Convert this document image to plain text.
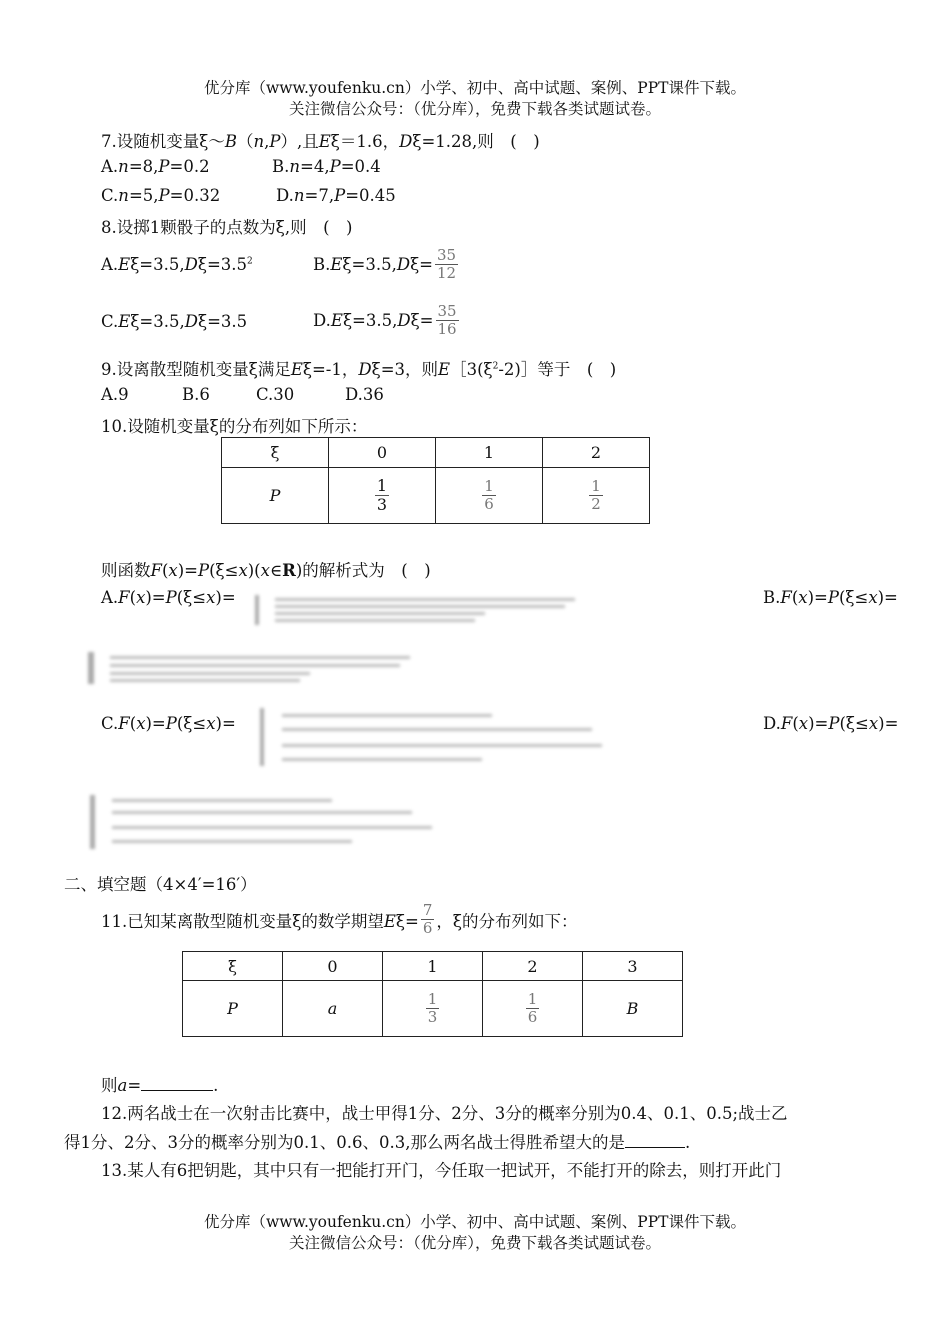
优分库（www.youfenku.cn）小学、初中、高中试题、案例、PPT课件下载。
关注微信公众号：（优分库），免费下载各类试题试卷。
7.设随机变量ξ～B（n,P）,且Eξ＝1.6，Dξ=1.28,则　(　)
A.n=8,P=0.2	B.n=4,P=0.4
C.n=5,P=0.32	D.n=7,P=0.45
8.设掷1颗骰子的点数为ξ,则　(　)
$A.E\xi=3.5,D\xi=3.5^2$	$B.E\xi=3.5,D\xi= \frac{35}{12}$
C.Eξ=3.5,Dξ=3.5	$D.E\xi=3.5,D\xi= \frac{35}{16}$
9.设离散型随机变量ξ满足Eξ=-1，Dξ=3，则$E[3(\xi^2-2)]$等于　(　)
A.9	B.6	C.30	D.36
10.设随机变量ξ的分布列如下所示：
ξ	0	1	2
P	$\frac{1}{3}$	$\frac{1}{6}$	$\frac{1}{2}$
则函数F(x)=P(ξ≤x)(x∈R)的解析式为　(　)
A.F(x)=P(ξ≤x)=	B.F(x)=P(ξ≤x)=
C.F(x)=P(ξ≤x)=	D.F(x)=P(ξ≤x)=
二、填空题（4×4′=16′）
11.已知某离散型随机变量ξ的数学期望$E\xi= \frac{7}{6}$ ，ξ的分布列如下：
ξ	0	1	2	3
P	a	$\frac{1}{3}$	$\frac{1}{6}$	B
则a=	.
12.两名战士在一次射击比赛中，战士甲得1分、2分、3分的概率分别为0.4、0.1、0.5;战士乙
得1分、2分、3分的概率分别为0.1、0.6、0.3,那么两名战士得胜希望大的是	.
13.某人有6把钥匙，其中只有一把能打开门，今任取一把试开，不能打开的除去，则打开此门
优分库（www.youfenku.cn）小学、初中、高中试题、案例、PPT课件下载。
关注微信公众号：（优分库），免费下载各类试题试卷。
